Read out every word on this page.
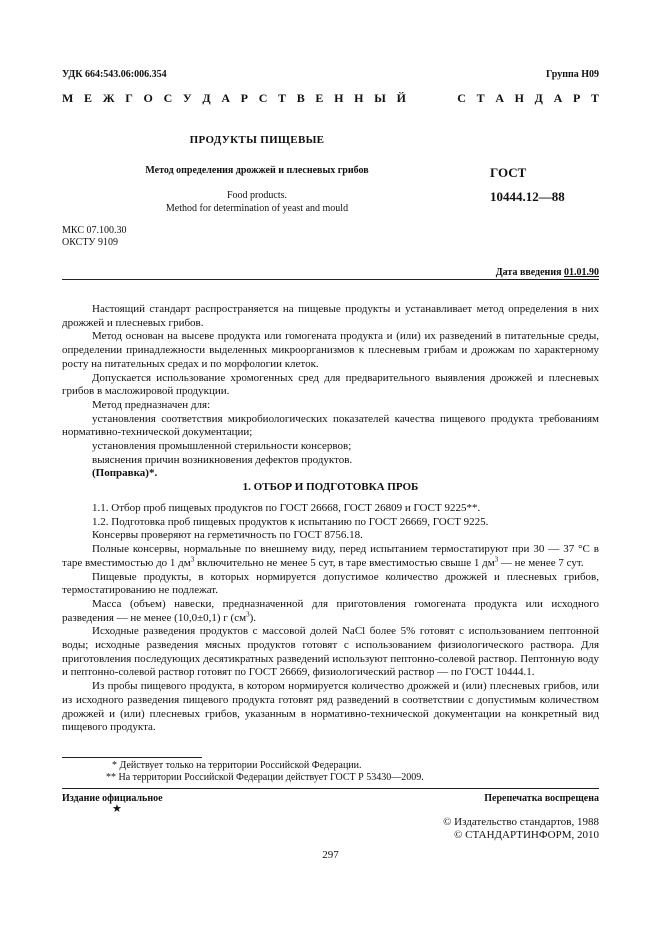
УДК 664:543.06:006.354	Группа Н09
М Е Ж Г О С У Д А Р С Т В Е Н Н Ы Й	С Т А Н Д А Р Т
ПРОДУКТЫ ПИЩЕВЫЕ
Метод определения дрожжей и плесневых грибов
Food products.
Method for determination of yeast and mould
ГОСТ
10444.12—88
МКС 07.100.30
ОКСТУ 9109
Дата введения 01.01.90

Настоящий стандарт распространяется на пищевые продукты и устанавливает метод определения в них дрожжей и плесневых грибов.

Метод основан на высеве продукта или гомогената продукта и (или) их разведений в питательные среды, определении принадлежности выделенных микроорганизмов к плесневым грибам и дрожжам по характерному росту на питательных средах и по морфологии клеток.

Допускается использование хромогенных сред для предварительного выявления дрожжей и плесневых грибов в масложировой продукции.

Метод предназначен для:

установления соответствия микробиологических показателей качества пищевого продукта требованиям нормативно-технической документации;

установления промышленной стерильности консервов;

выяснения причин возникновения дефектов продуктов.

(Поправка)*.

1. ОТБОР И ПОДГОТОВКА ПРОБ

1.1. Отбор проб пищевых продуктов по ГОСТ 26668, ГОСТ 26809 и ГОСТ 9225**.

1.2. Подготовка проб пищевых продуктов к испытанию по ГОСТ 26669, ГОСТ 9225.

Консервы проверяют на герметичность по ГОСТ 8756.18.

Полные консервы, нормальные по внешнему виду, перед испытанием термостатируют при 30 — 37 °С в таре вместимостью до 1 $дм^3$ включительно не менее 5 сут, в таре вместимостью свыше 1 $дм^3$ — не менее 7 сут.

Пищевые продукты, в которых нормируется допустимое количество дрожжей и плесневых грибов, термостатированию не подлежат.

Масса (объем) навески, предназначенной для приготовления гомогената продукта или исходного разведения — не менее (10,0±0,1) г $(см^3)$.

Исходные разведения продуктов с массовой долей NaCl более 5% готовят с использованием пептонной воды; исходные разведения мясных продуктов готовят с использованием физиологического раствора. Для приготовления последующих десятикратных разведений используют пептонно-солевой раствор. Пептонную воду и пептонно-солевой раствор готовят по ГОСТ 26669, физиологический раствор — по ГОСТ 10444.1.

Из пробы пищевого продукта, в котором нормируется количество дрожжей и (или) плесневых грибов, или из исходного разведения пищевого продукта готовят ряд разведений в соответствии с допустимым количеством дрожжей и (или) плесневых грибов, указанным в нормативно-технической документации на конкретный вид пищевого продукта.

* Действует только на территории Российской Федерации.
** На территории Российской Федерации действует ГОСТ Р 53430—2009.
Издание официальное	Перепечатка воспрещена
★
© Издательство стандартов, 1988
© СТАНДАРТИНФОРМ, 2010
297
